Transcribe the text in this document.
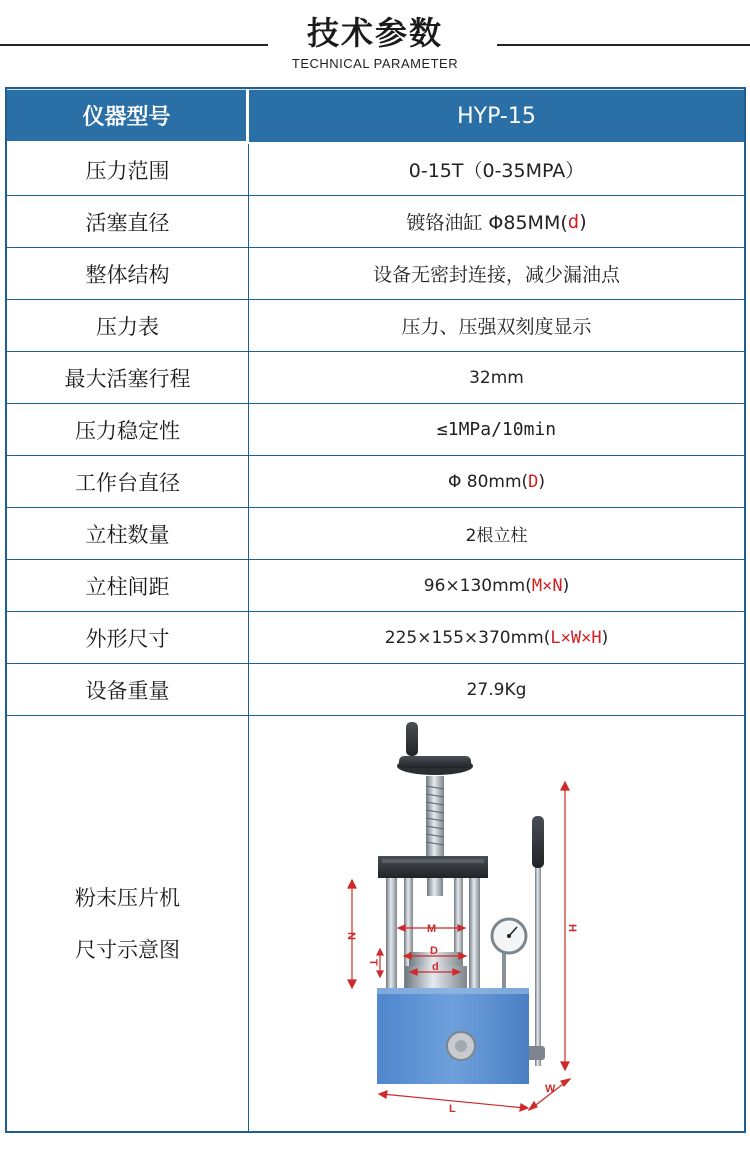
技术参数
TECHNICAL PARAMETER
仪器型号	HYP-15
压力范围	0-15T（0-35MPA）
活塞直径	镀铬油缸 Φ85MM( d )
整体结构	设备无密封连接，减少漏油点
压力表	压力、压强双刻度显示
最大活塞行程	32mm
压力稳定性	≤1MPa/10min
工作台直径	Φ 80mm( D )
立柱数量	2根立柱
立柱间距	96×130mm( M×N )
外形尺寸	225×155×370mm( L×W×H )
设备重量	27.9Kg
粉末压片机
尺寸示意图
N
T
M
D
d
H
L
W
